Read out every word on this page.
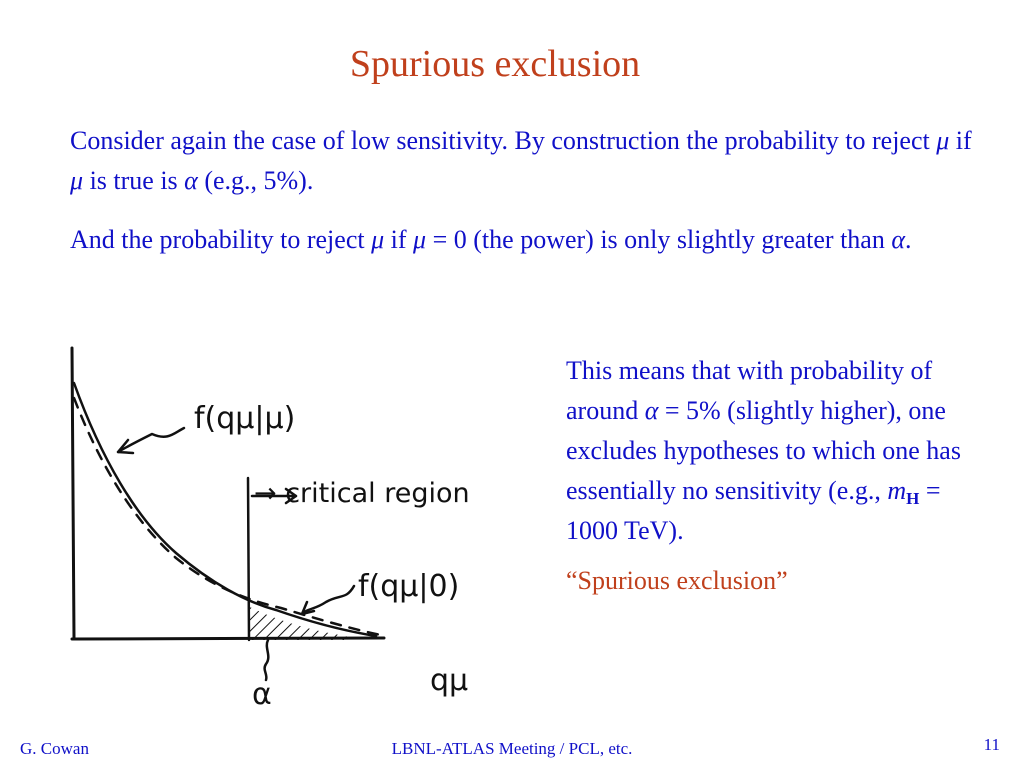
Spurious exclusion
Consider again the case of low sensitivity. By construction the probability to reject μ if μ is true is α (e.g., 5%).
And the probability to reject μ if μ = 0 (the power) is only slightly greater than α.
f(qμ|μ)
→ critical region
f(qμ|0)
qμ
α
This means that with probability of around α = 5% (slightly higher), one excludes hypotheses to which one has essentially no sensitivity (e.g., $m_H = 1000$ TeV).
“Spurious exclusion”
LBNL-ATLAS Meeting / PCL, etc.
G. Cowan	11
